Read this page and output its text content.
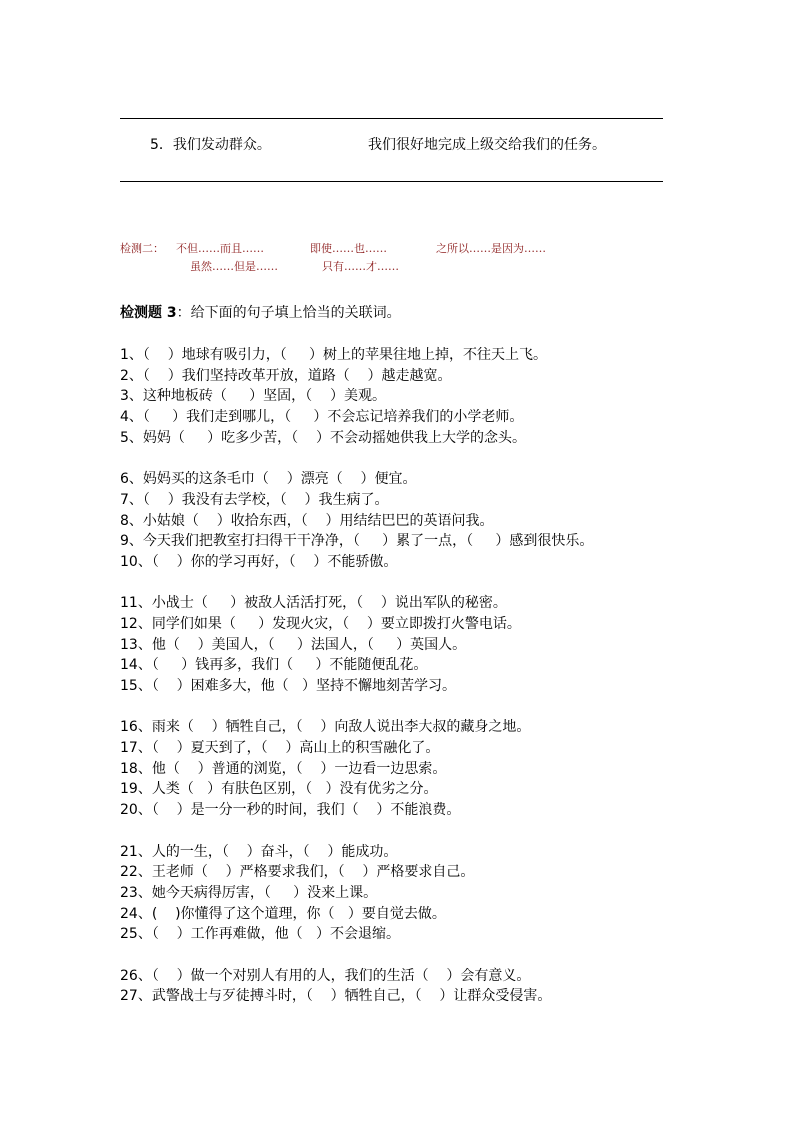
5．我们发动群众。	我们很好地完成上级交给我们的任务。
检测二： 不但……而且……	即使……也……	之所以……是因为……
虽然……但是……	只有……才……
检测题 3：给下面的句子填上恰当的关联词。
1、（    ）地球有吸引力，（     ）树上的苹果往地上掉，不往天上飞。
2、（    ）我们坚持改革开放，道路（    ）越走越宽。
3、这种地板砖（     ）坚固，（    ）美观。
4、（     ）我们走到哪儿，（     ）不会忘记培养我们的小学老师。
5、妈妈（     ）吃多少苦，（    ）不会动摇她供我上大学的念头。
6、妈妈买的这条毛巾（    ）漂亮（    ）便宜。
7、（    ）我没有去学校，（    ）我生病了。
8、小姑娘（    ）收拾东西，（    ）用结结巴巴的英语问我。
9、今天我们把教室打扫得干干净净，（     ）累了一点，（     ）感到很快乐。
10、（    ）你的学习再好，（    ）不能骄傲。
11、小战士（     ）被敌人活活打死，（    ）说出军队的秘密。
12、同学们如果（     ）发现火灾，（    ）要立即拨打火警电话。
13、他（    ）美国人，（     ）法国人，（     ）英国人。
14、（     ）钱再多，我们（     ）不能随便乱花。
15、（    ）困难多大，他（   ）坚持不懈地刻苦学习。
16、雨来（    ）牺牲自己，（    ）向敌人说出李大叔的藏身之地。
17、（    ）夏天到了，（    ）高山上的积雪融化了。
18、他（    ）普通的浏览，（    ）一边看一边思索。
19、人类（   ）有肤色区别，（   ）没有优劣之分。
20、（    ）是一分一秒的时间，我们（    ）不能浪费。
21、人的一生，（    ）奋斗，（    ）能成功。
22、王老师（    ）严格要求我们，（    ）严格要求自己。
23、她今天病得厉害，（     ）没来上课。
24、(    )你懂得了这个道理，你（   ）要自觉去做。
25、（    ）工作再难做，他（   ）不会退缩。
26、（    ）做一个对别人有用的人，我们的生活（    ）会有意义。
27、武警战士与歹徒搏斗时，（    ）牺牲自己，（    ）让群众受侵害。
